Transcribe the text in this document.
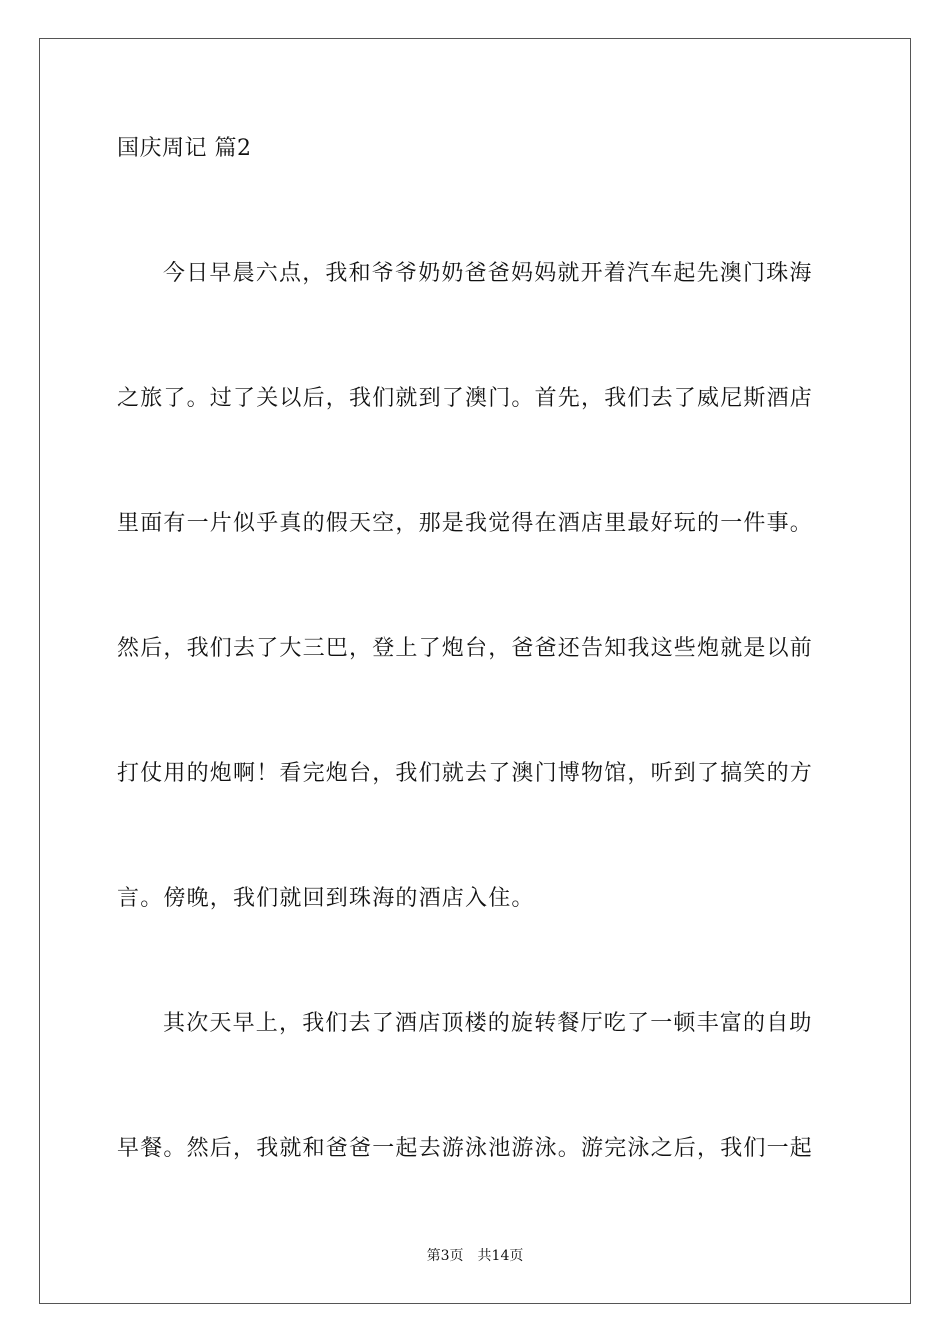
国庆周记 篇2
今日早晨六点，我和爷爷奶奶爸爸妈妈就开着汽车起先澳门珠海
之旅了。过了关以后，我们就到了澳门。首先，我们去了威尼斯酒店
里面有一片似乎真的假天空，那是我觉得在酒店里最好玩的一件事。
然后，我们去了大三巴，登上了炮台，爸爸还告知我这些炮就是以前
打仗用的炮啊！看完炮台，我们就去了澳门博物馆，听到了搞笑的方
言。傍晚，我们就回到珠海的酒店入住。
其次天早上，我们去了酒店顶楼的旋转餐厅吃了一顿丰富的自助
早餐。然后，我就和爸爸一起去游泳池游泳。游完泳之后，我们一起
第3页 共14页
